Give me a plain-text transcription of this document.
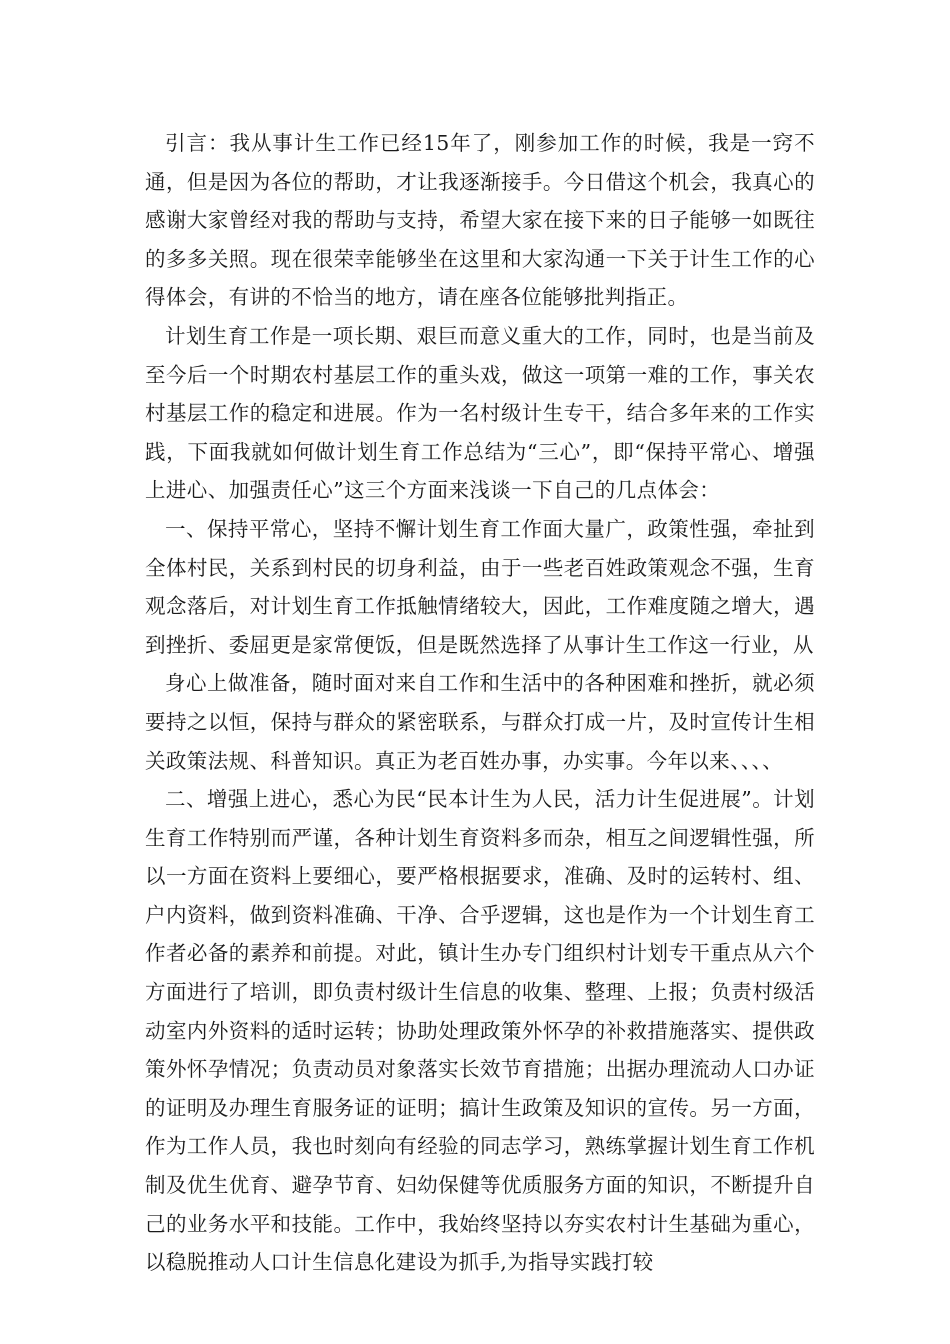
引言：我从事计生工作已经15年了，刚参加工作的时候，我是一窍不通，但是因为各位的帮助，才让我逐渐接手。今日借这个机会，我真心的感谢大家曾经对我的帮助与支持，希望大家在接下来的日子能够一如既往的多多关照。现在很荣幸能够坐在这里和大家沟通一下关于计生工作的心得体会，有讲的不恰当的地方，请在座各位能够批判指正。

计划生育工作是一项长期、艰巨而意义重大的工作，同时，也是当前及至今后一个时期农村基层工作的重头戏，做这一项第一难的工作，事关农村基层工作的稳定和进展。作为一名村级计生专干，结合多年来的工作实践，下面我就如何做计划生育工作总结为“三心”，即“保持平常心、增强上进心、加强责任心”这三个方面来浅谈一下自己的几点体会：

一、保持平常心，坚持不懈计划生育工作面大量广，政策性强，牵扯到全体村民，关系到村民的切身利益，由于一些老百姓政策观念不强，生育观念落后，对计划生育工作抵触情绪较大，因此，工作难度随之增大，遇到挫折、委屈更是家常便饭，但是既然选择了从事计生工作这一行业，从

身心上做准备，随时面对来自工作和生活中的各种困难和挫折，就必须要持之以恒，保持与群众的紧密联系，与群众打成一片，及时宣传计生相关政策法规、科普知识。真正为老百姓办事，办实事。今年以来、、、、

二、增强上进心，悉心为民“民本计生为人民，活力计生促进展”。计划生育工作特别而严谨，各种计划生育资料多而杂，相互之间逻辑性强，所以一方面在资料上要细心，要严格根据要求，准确、及时的运转村、组、户内资料，做到资料准确、干净、合乎逻辑，这也是作为一个计划生育工作者必备的素养和前提。对此，镇计生办专门组织村计划专干重点从六个方面进行了培训，即负责村级计生信息的收集、整理、上报；负责村级活动室内外资料的适时运转；协助处理政策外怀孕的补救措施落实、提供政策外怀孕情况；负责动员对象落实长效节育措施；出据办理流动人口办证的证明及办理生育服务证的证明；搞计生政策及知识的宣传。另一方面，作为工作人员，我也时刻向有经验的同志学习，熟练掌握计划生育工作机制及优生优育、避孕节育、妇幼保健等优质服务方面的知识，不断提升自己的业务水平和技能。工作中，我始终坚持以夯实农村计生基础为重心，以稳脱推动人口计生信息化建设为抓手,为指导实践打较
